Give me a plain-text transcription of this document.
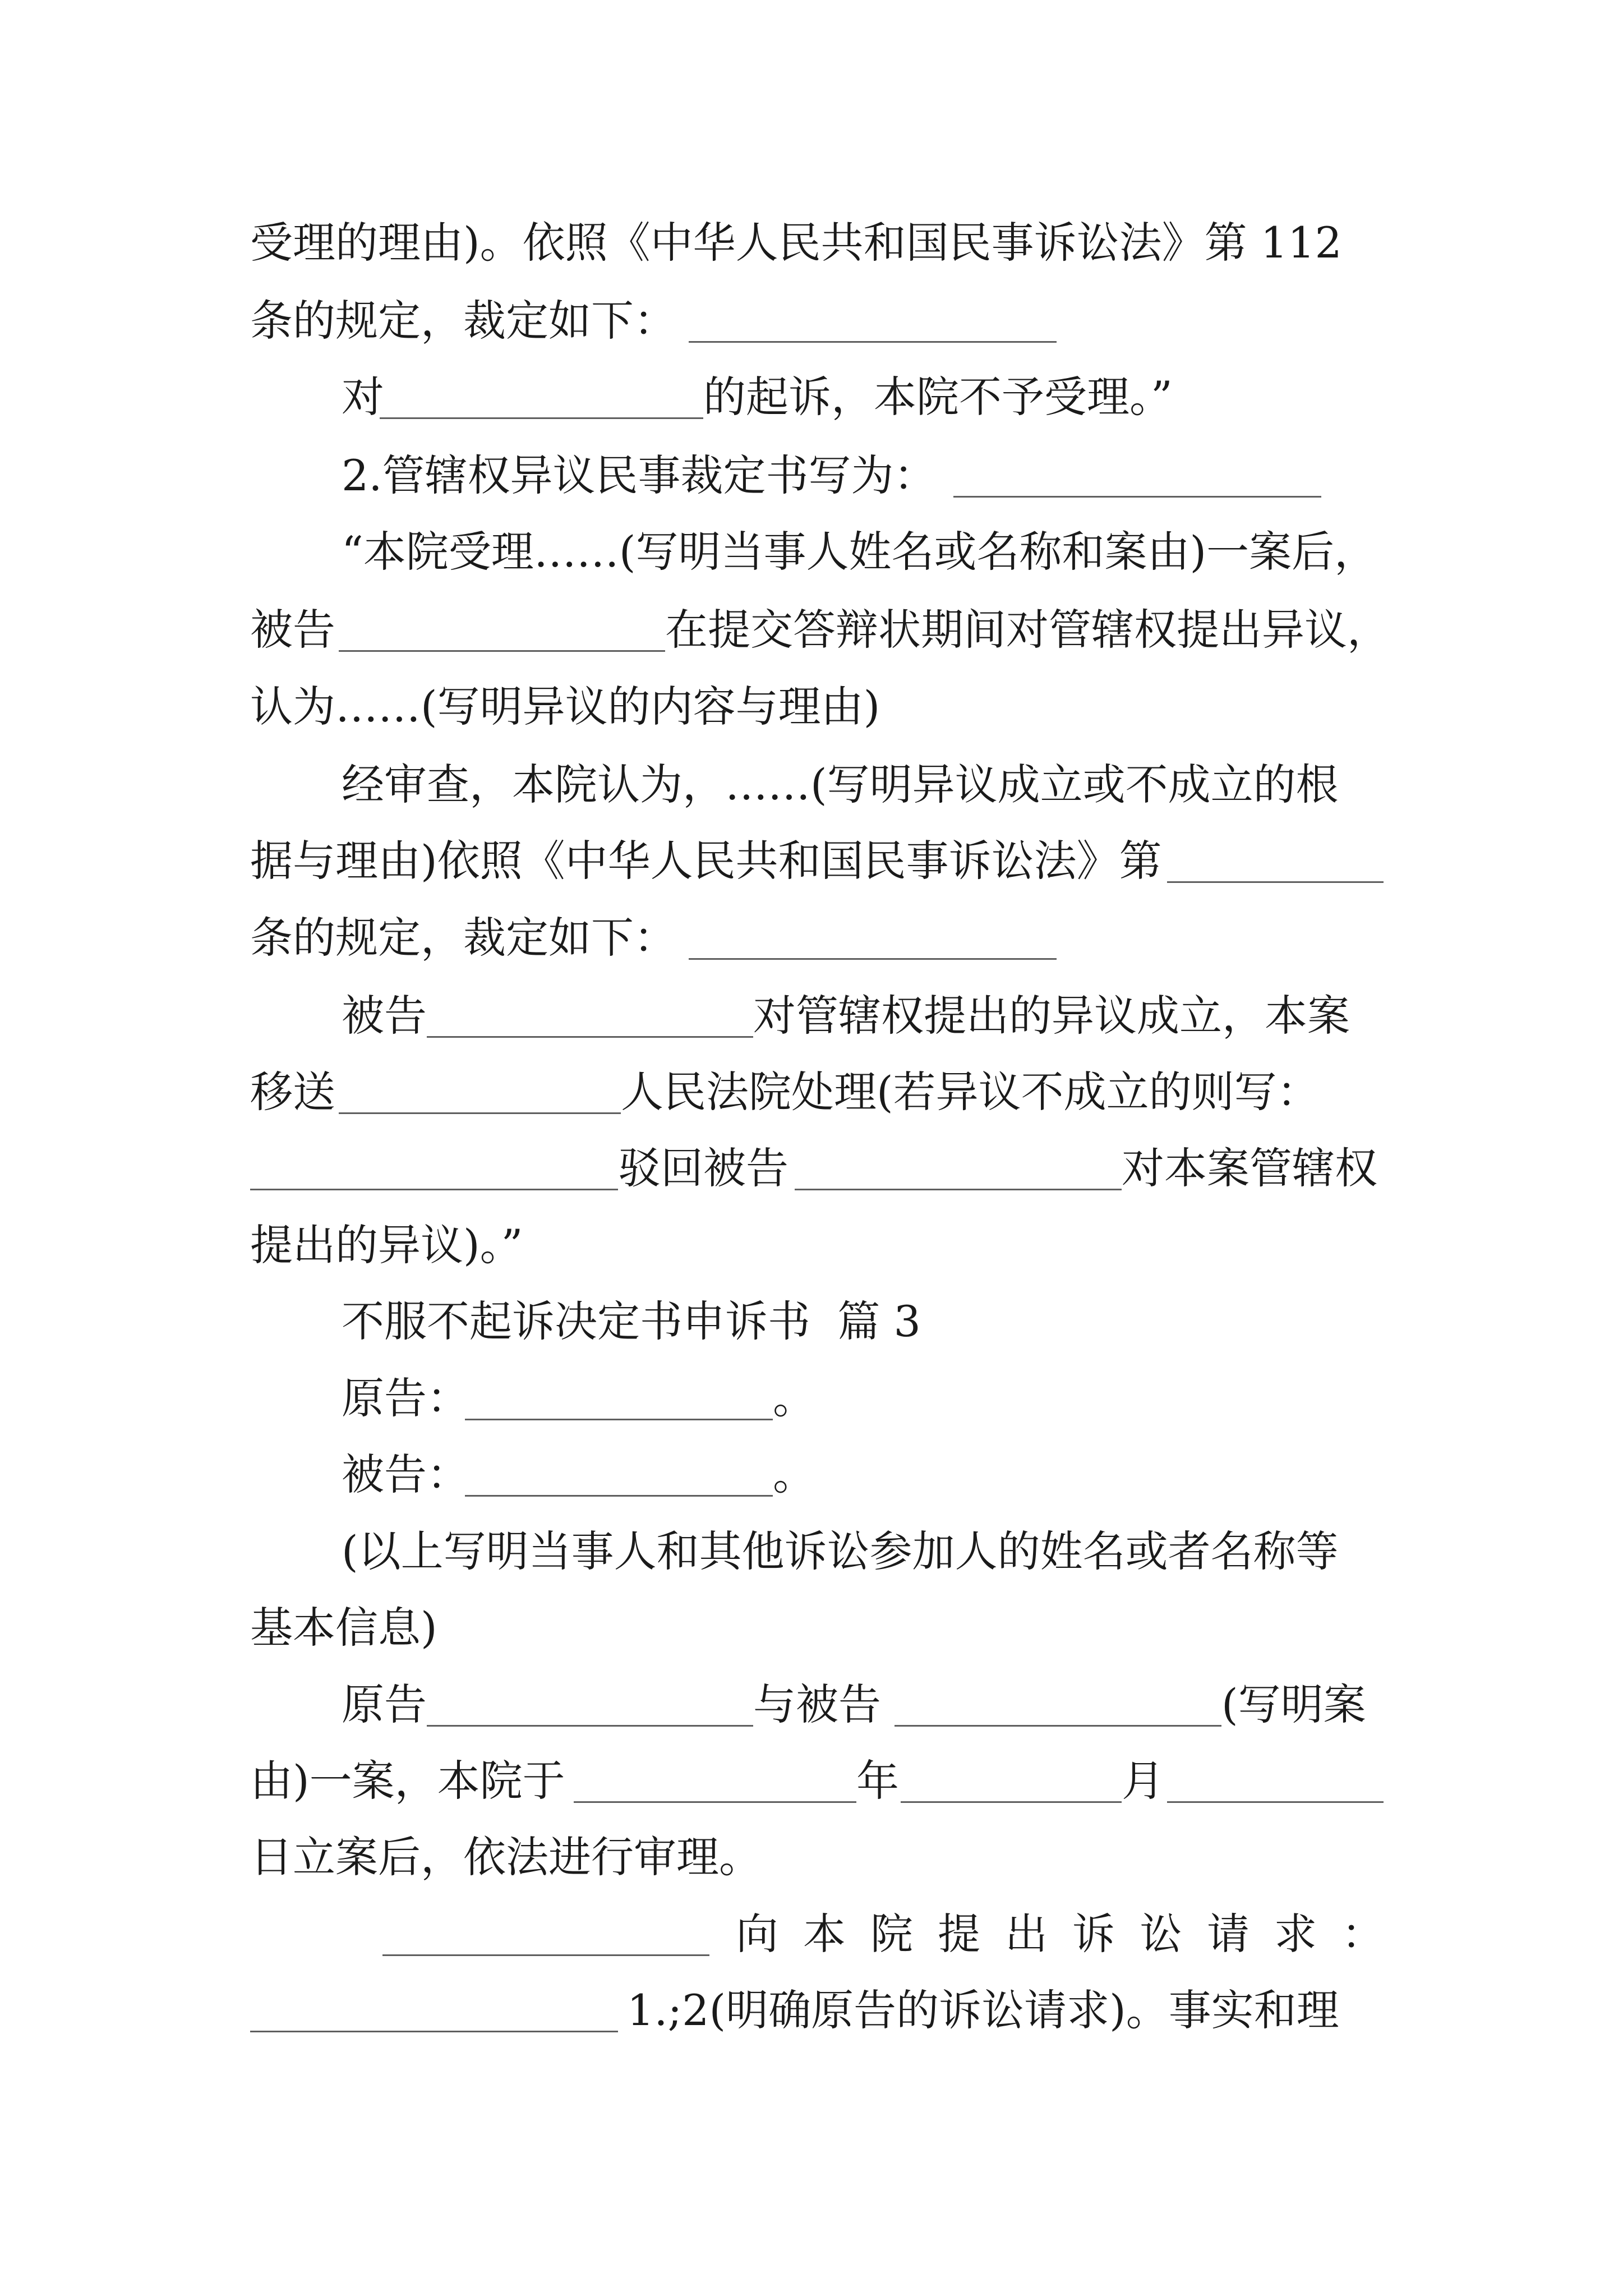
受理的理由)。依照《中华人民共和国民事诉讼法》第 112
条的规定，裁定如下：
对	的起诉，本院不予受理。”
2.管辖权异议民事裁定书写为：
“本院受理……(写明当事人姓名或名称和案由)一案后，
被告	在提交答辩状期间对管辖权提出异议，
认为……(写明异议的内容与理由)
经审查，本院认为，……(写明异议成立或不成立的根
据与理由)依照《中华人民共和国民事诉讼法》第
条的规定，裁定如下：
被告	对管辖权提出的异议成立，本案
移送	人民法院处理(若异议不成立的则写：
驳回被告	对本案管辖权
提出的异议)。”
不服不起诉决定书申诉书  篇 3
原告：	。
被告：	。
(以上写明当事人和其他诉讼参加人的姓名或者名称等
基本信息)
原告	与被告	(写明案
由)一案，本院于	年	月
日立案后，依法进行审理。
向本院提出诉讼请求：
1.;2(明确原告的诉讼请求)。事实和理
